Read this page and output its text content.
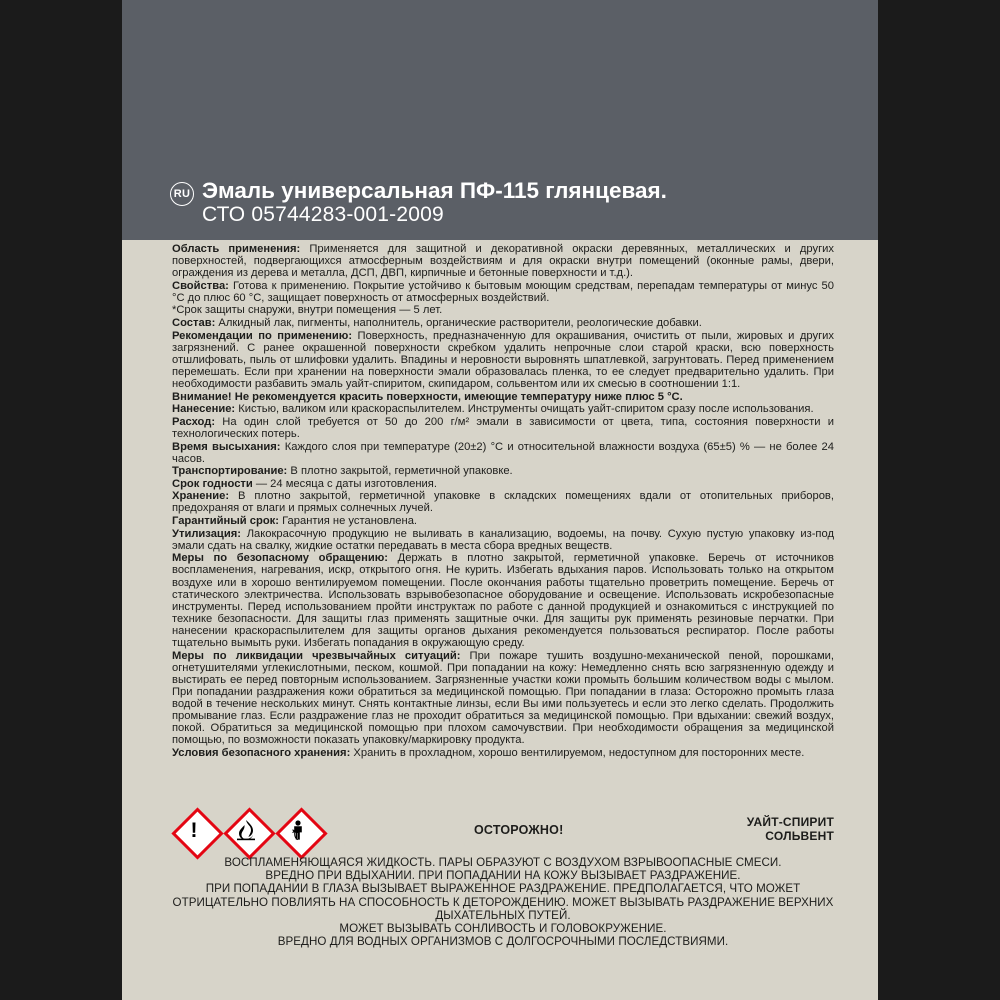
RU Эмаль универсальная ПФ-115 глянцевая.
СТО 05744283-001-2009

Область применения: Применяется для защитной и декоративной окраски деревянных, металлических и других поверхностей, подвергающихся атмосферным воздействиям и для окраски внутри помещений (оконные рамы, двери, ограждения из дерева и металла, ДСП, ДВП, кирпичные и бетонные поверхности и т.д.).

Свойства: Готова к применению. Покрытие устойчиво к бытовым моющим средствам, перепадам температуры от минус 50 °С до плюс 60 °С, защищает поверхность от атмосферных воздействий.

*Срок защиты снаружи, внутри помещения — 5 лет.

Состав: Алкидный лак, пигменты, наполнитель, органические растворители, реологические добавки.

Рекомендации по применению: Поверхность, предназначенную для окрашивания, очистить от пыли, жировых и других загрязнений. С ранее окрашенной поверхности скребком удалить непрочные слои старой краски, всю поверхность отшлифовать, пыль от шлифовки удалить. Впадины и неровности выровнять шпатлевкой, загрунтовать. Перед применением перемешать. Если при хранении на поверхности эмали образовалась пленка, то ее следует предварительно удалить. При необходимости разбавить эмаль уайт-спиритом, скипидаром, сольвентом или их смесью в соотношении 1:1.

Внимание! Не рекомендуется красить поверхности, имеющие температуру ниже плюс 5 °С.

Нанесение: Кистью, валиком или краскораспылителем. Инструменты очищать уайт-спиритом сразу после использования.

Расход: На один слой требуется от 50 до 200 г/м² эмали в зависимости от цвета, типа, состояния поверхности и технологических потерь.

Время высыхания: Каждого слоя при температуре (20±2) °С и относительной влажности воздуха (65±5) % — не более 24 часов.

Транспортирование: В плотно закрытой, герметичной упаковке.

Срок годности — 24 месяца с даты изготовления.

Хранение: В плотно закрытой, герметичной упаковке в складских помещениях вдали от отопительных приборов, предохраняя от влаги и прямых солнечных лучей.

Гарантийный срок: Гарантия не установлена.

Утилизация: Лакокрасочную продукцию не выливать в канализацию, водоемы, на почву. Сухую пустую упаковку из-под эмали сдать на свалку, жидкие остатки передавать в места сбора вредных веществ.

Меры по безопасному обращению: Держать в плотно закрытой, герметичной упаковке. Беречь от источников воспламенения, нагревания, искр, открытого огня. Не курить. Избегать вдыхания паров. Использовать только на открытом воздухе или в хорошо вентилируемом помещении. После окончания работы тщательно проветрить помещение. Беречь от статического электричества. Использовать взрывобезопасное оборудование и освещение. Использовать искробезопасные инструменты. Перед использованием пройти инструктаж по работе с данной продукцией и ознакомиться с инструкцией по технике безопасности. Для защиты глаз применять защитные очки. Для защиты рук применять резиновые перчатки. При нанесении краскораспылителем для защиты органов дыхания рекомендуется пользоваться респиратор. После работы тщательно вымыть руки. Избегать попадания в окружающую среду.

Меры по ликвидации чрезвычайных ситуаций: При пожаре тушить воздушно-механической пеной, порошками, огнетушителями углекислотными, песком, кошмой. При попадании на кожу: Немедленно снять всю загрязненную одежду и выстирать ее перед повторным использованием. Загрязненные участки кожи промыть большим количеством воды с мылом. При попадании раздражения кожи обратиться за медицинской помощью. При попадании в глаза: Осторожно промыть глаза водой в течение нескольких минут. Снять контактные линзы, если Вы ими пользуетесь и если это легко сделать. Продолжить промывание глаз. Если раздражение глаз не проходит обратиться за медицинской помощью. При вдыхании: свежий воздух, покой. Обратиться за медицинской помощью при плохом самочувствии. При необходимости обращения за медицинской помощью, по возможности показать упаковку/маркировку продукта.

Условия безопасного хранения: Хранить в прохладном, хорошо вентилируемом, недоступном для посторонних месте.

!	ОСТОРОЖНО!
УАЙТ-СПИРИТ
СОЛЬВЕНТ
ВОСПЛАМЕНЯЮЩАЯСЯ ЖИДКОСТЬ. ПАРЫ ОБРАЗУЮТ С ВОЗДУХОМ ВЗРЫВООПАСНЫЕ СМЕСИ.
ВРЕДНО ПРИ ВДЫХАНИИ. ПРИ ПОПАДАНИИ НА КОЖУ ВЫЗЫВАЕТ РАЗДРАЖЕНИЕ.
ПРИ ПОПАДАНИИ В ГЛАЗА ВЫЗЫВАЕТ ВЫРАЖЕННОЕ РАЗДРАЖЕНИЕ. ПРЕДПОЛАГАЕТСЯ, ЧТО МОЖЕТ ОТРИЦАТЕЛЬНО ПОВЛИЯТЬ НА СПОСОБНОСТЬ К ДЕТОРОЖДЕНИЮ. МОЖЕТ ВЫЗЫВАТЬ РАЗДРАЖЕНИЕ ВЕРХНИХ ДЫХАТЕЛЬНЫХ ПУТЕЙ.
МОЖЕТ ВЫЗЫВАТЬ СОНЛИВОСТЬ И ГОЛОВОКРУЖЕНИЕ.
ВРЕДНО ДЛЯ ВОДНЫХ ОРГАНИЗМОВ С ДОЛГОСРОЧНЫМИ ПОСЛЕДСТВИЯМИ.
